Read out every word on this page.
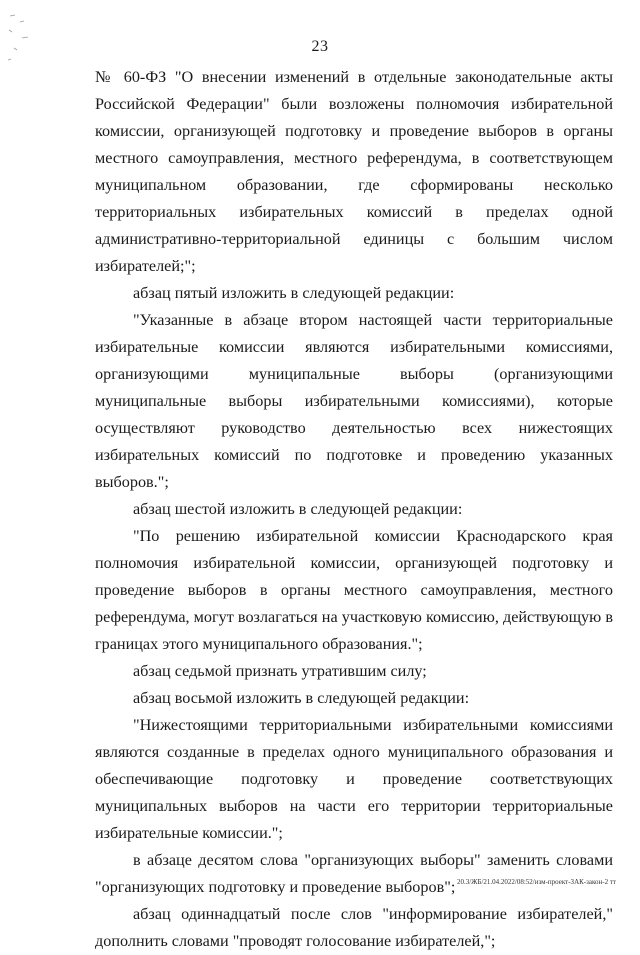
23

№ 60-ФЗ "О внесении изменений в отдельные законодательные акты Российской Федерации" были возложены полномочия избирательной комиссии, организующей подготовку и проведение выборов в органы местного самоуправления, местного референдума, в соответствующем муниципальном образовании, где сформированы несколько территориальных избирательных комиссий в пределах одной административно-территориальной единицы с большим числом избирателей;";

абзац пятый изложить в следующей редакции:

"Указанные в абзаце втором настоящей части территориальные избирательные комиссии являются избирательными комиссиями, организующими муниципальные выборы (организующими муниципальные выборы избирательными комиссиями), которые осуществляют руководство деятельностью всех нижестоящих избирательных комиссий по подготовке и проведению указанных выборов.";

абзац шестой изложить в следующей редакции:

"По решению избирательной комиссии Краснодарского края полномочия избирательной комиссии, организующей подготовку и проведение выборов в органы местного самоуправления, местного референдума, могут возлагаться на участковую комиссию, действующую в границах этого муниципального образования.";

абзац седьмой признать утратившим силу;

абзац восьмой изложить в следующей редакции:

"Нижестоящими территориальными избирательными комиссиями являются созданные в пределах одного муниципального образования и обеспечивающие подготовку и проведение соответствующих муниципальных выборов на части его территории территориальные избирательные комиссии.";

в абзаце десятом слова "организующих выборы" заменить словами "организующих подготовку и проведение выборов";

абзац одиннадцатый после слов "информирование избирателей," дополнить словами "проводят голосование избирателей,";

20.3/ЖБ/21.04.2022/08:52/изм-проект-ЗАК-закон-2 тт
